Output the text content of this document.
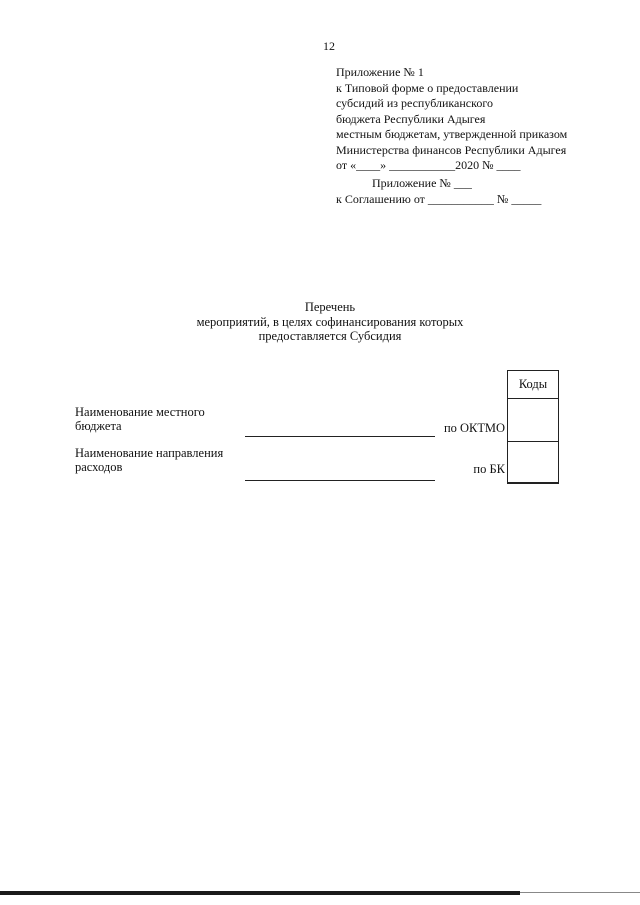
12
Приложение № 1
к Типовой форме о предоставлении
субсидий из республиканского
бюджета Республики Адыгея
местным бюджетам, утвержденной приказом
Министерства финансов Республики Адыгея
от «____» ___________2020 № ____
Приложение № ___
к Соглашению от ___________ № _____
Перечень
мероприятий, в целях софинансирования которых
предоставляется Субсидия
Коды
Наименование местного
бюджета	по ОКТМО
Наименование направления
расходов	по БК
